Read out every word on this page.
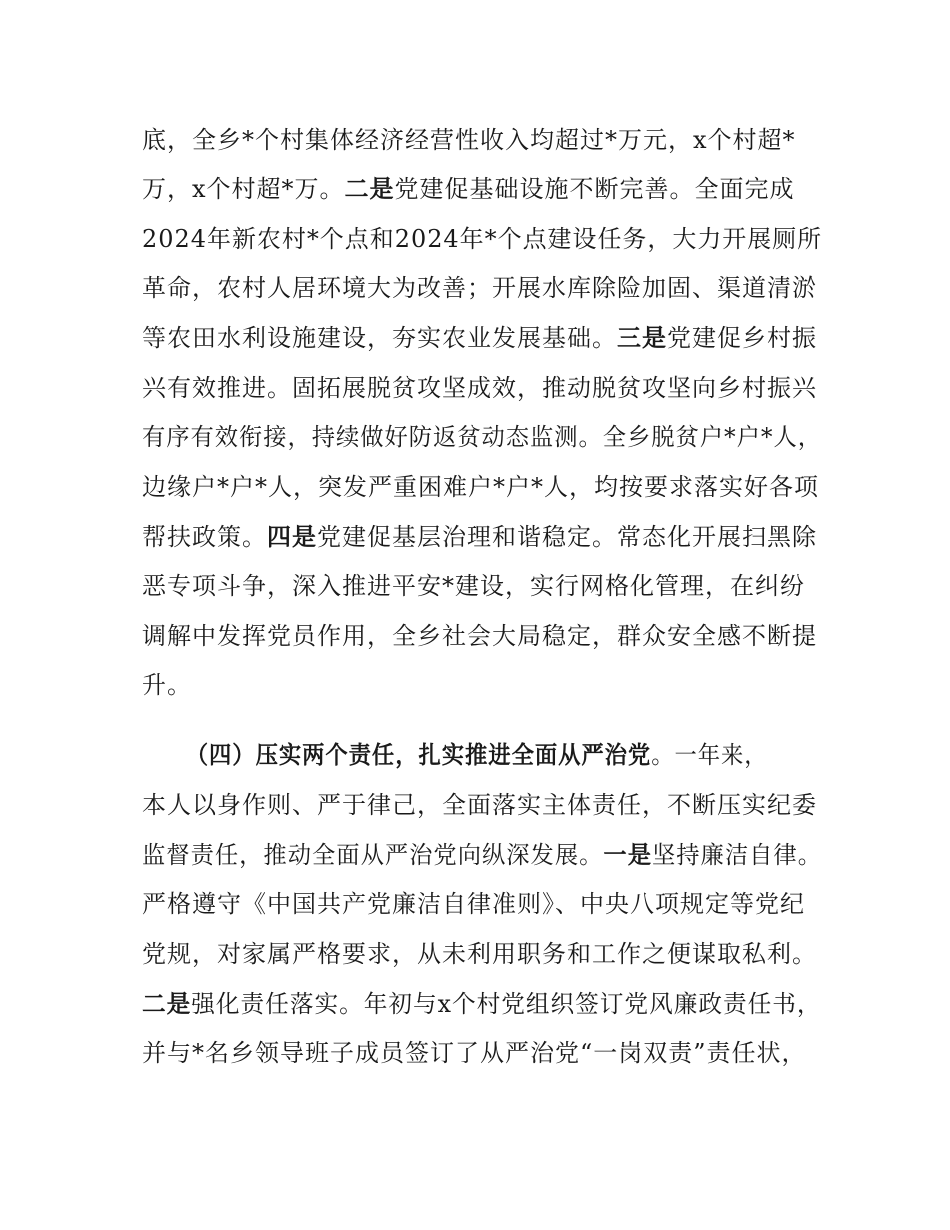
底，全乡*个村集体经济经营性收入均超过*万元，x个村超*
万，x个村超*万。二是党建促基础设施不断完善。全面完成
2024年新农村*个点和2024年*个点建设任务，大力开展厕所
革命，农村人居环境大为改善；开展水库除险加固、渠道清淤
等农田水利设施建设，夯实农业发展基础。三是党建促乡村振
兴有效推进。固拓展脱贫攻坚成效，推动脱贫攻坚向乡村振兴
有序有效衔接，持续做好防返贫动态监测。全乡脱贫户*户*人，
边缘户*户*人，突发严重困难户*户*人，均按要求落实好各项
帮扶政策。四是党建促基层治理和谐稳定。常态化开展扫黑除
恶专项斗争，深入推进平安*建设，实行网格化管理，在纠纷
调解中发挥党员作用，全乡社会大局稳定，群众安全感不断提
升。
（四）压实两个责任，扎实推进全面从严治党。一年来，
本人以身作则、严于律己，全面落实主体责任，不断压实纪委
监督责任，推动全面从严治党向纵深发展。一是坚持廉洁自律。
严格遵守《中国共产党廉洁自律准则》、中央八项规定等党纪
党规，对家属严格要求，从未利用职务和工作之便谋取私利。
二是强化责任落实。年初与x个村党组织签订党风廉政责任书，
并与*名乡领导班子成员签订了从严治党“一岗双责”责任状，
